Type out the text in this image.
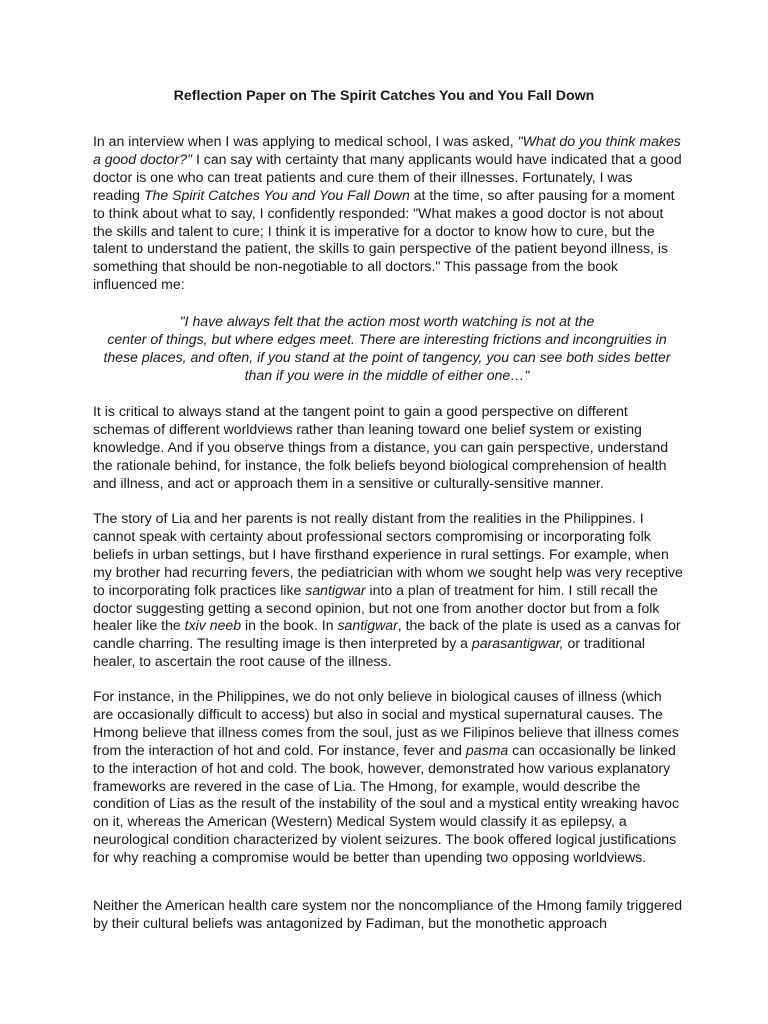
Reflection Paper on The Spirit Catches You and You Fall Down

In an interview when I was applying to medical school, I was asked, "What do you think makes a good doctor?" I can say with certainty that many applicants would have indicated that a good doctor is one who can treat patients and cure them of their illnesses. Fortunately, I was reading The Spirit Catches You and You Fall Down at the time, so after pausing for a moment to think about what to say, I confidently responded: "What makes a good doctor is not about the skills and talent to cure; I think it is imperative for a doctor to know how to cure, but the talent to understand the patient, the skills to gain perspective of the patient beyond illness, is something that should be non-negotiable to all doctors." This passage from the book influenced me:

"I have always felt that the action most worth watching is not at the
center of things, but where edges meet. There are interesting frictions and incongruities in
these places, and often, if you stand at the point of tangency, you can see both sides better
than if you were in the middle of either one…"

It is critical to always stand at the tangent point to gain a good perspective on different schemas of different worldviews rather than leaning toward one belief system or existing knowledge. And if you observe things from a distance, you can gain perspective, understand the rationale behind, for instance, the folk beliefs beyond biological comprehension of health and illness, and act or approach them in a sensitive or culturally-sensitive manner.

The story of Lia and her parents is not really distant from the realities in the Philippines. I cannot speak with certainty about professional sectors compromising or incorporating folk beliefs in urban settings, but I have firsthand experience in rural settings. For example, when my brother had recurring fevers, the pediatrician with whom we sought help was very receptive to incorporating folk practices like santigwar into a plan of treatment for him. I still recall the doctor suggesting getting a second opinion, but not one from another doctor but from a folk healer like the txiv neeb in the book. In santigwar, the back of the plate is used as a canvas for candle charring. The resulting image is then interpreted by a parasantigwar, or traditional healer, to ascertain the root cause of the illness.

For instance, in the Philippines, we do not only believe in biological causes of illness (which are occasionally difficult to access) but also in social and mystical supernatural causes. The Hmong believe that illness comes from the soul, just as we Filipinos believe that illness comes from the interaction of hot and cold. For instance, fever and pasma can occasionally be linked to the interaction of hot and cold. The book, however, demonstrated how various explanatory frameworks are revered in the case of Lia. The Hmong, for example, would describe the condition of Lias as the result of the instability of the soul and a mystical entity wreaking havoc on it, whereas the American (Western) Medical System would classify it as epilepsy, a neurological condition characterized by violent seizures. The book offered logical justifications for why reaching a compromise would be better than upending two opposing worldviews.

Neither the American health care system nor the noncompliance of the Hmong family triggered by their cultural beliefs was antagonized by Fadiman, but the monothetic approach
